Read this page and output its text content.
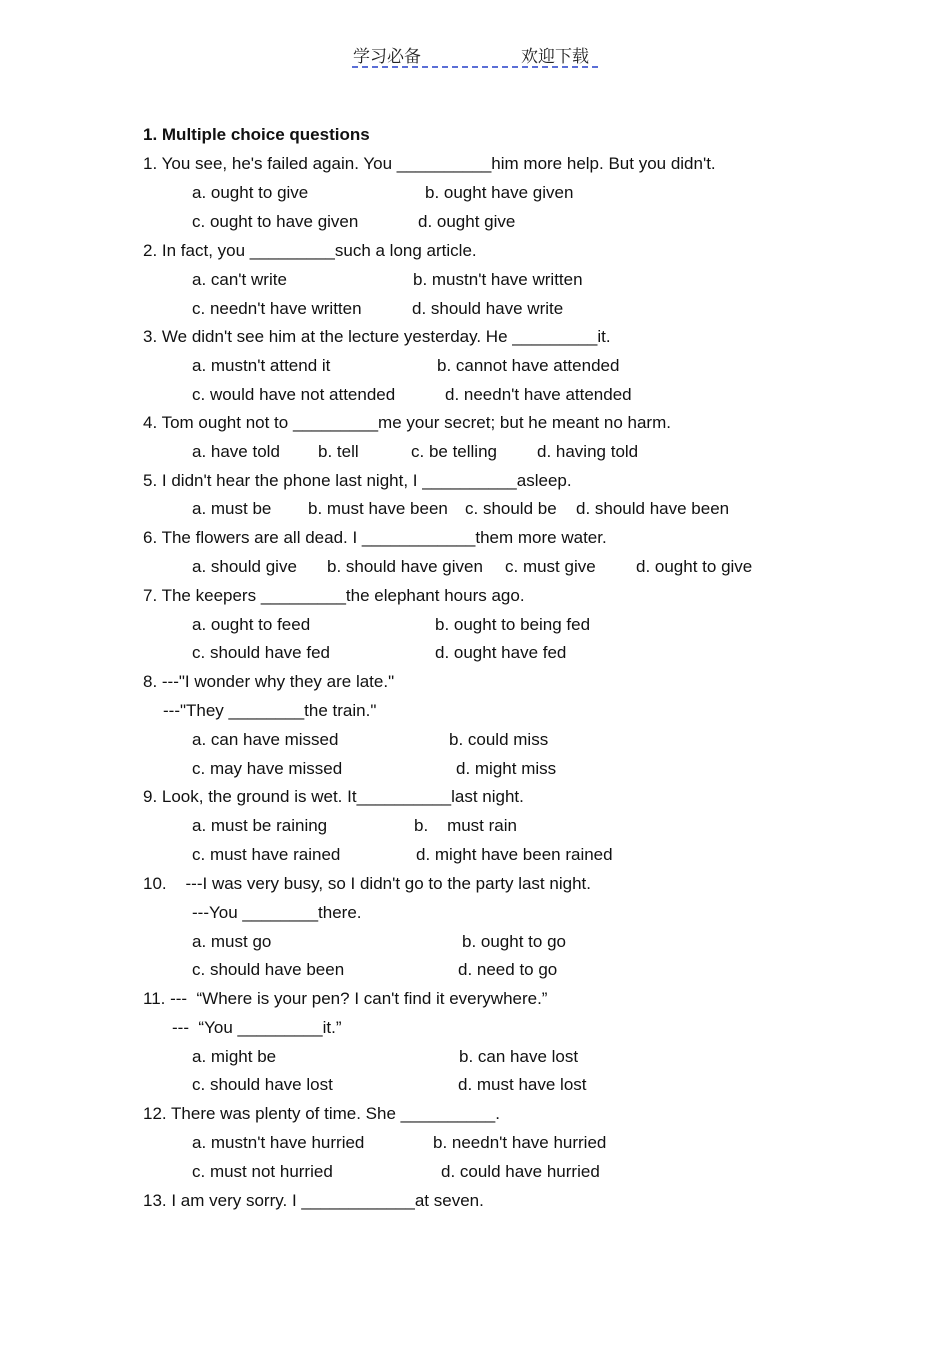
学习必备	欢迎下载
1. Multiple choice questions
1. You see, he's failed again. You __________him more help. But you didn't.
a. ought to give	b. ought have given
c. ought to have given	d. ought give
2. In fact, you _________such a long article.
a. can't write	b. mustn't have written
c. needn't have written	d. should have write
3. We didn't see him at the lecture yesterday. He _________it.
a. mustn't attend it	b. cannot have attended
c. would have not attended	d. needn't have attended
4. Tom ought not to _________me your secret; but he meant no harm.
a. have told b. tell	c. be telling d. having told
5. I didn't hear the phone last night, I __________asleep.
a. must be b. must have been c. should be d. should have been
6. The flowers are all dead. I ____________them more water.
a. should give b. should have given c. must give d. ought to give
7. The keepers _________the elephant hours ago.
a. ought to feed	b. ought to being fed
c. should have fed	d. ought have fed
8. ---"I wonder why they are late."
---"They ________the train."
a. can have missed	b. could miss
c. may have missed	d. might miss
9. Look, the ground is wet. It__________last night.
a. must be raining	b.    must rain
c. must have rained	d. might have been rained
10.    ---I was very busy, so I didn't go to the party last night.
---You ________there.
a. must go	b. ought to go
c. should have been	d. need to go
11. ---  “Where is your pen? I can't find it everywhere.”
---  “You _________it.”
a. might be	b. can have lost
c. should have lost	d. must have lost
12. There was plenty of time. She __________.
a. mustn't have hurried	b. needn't have hurried
c. must not hurried	d. could have hurried
13. I am very sorry. I ____________at seven.
